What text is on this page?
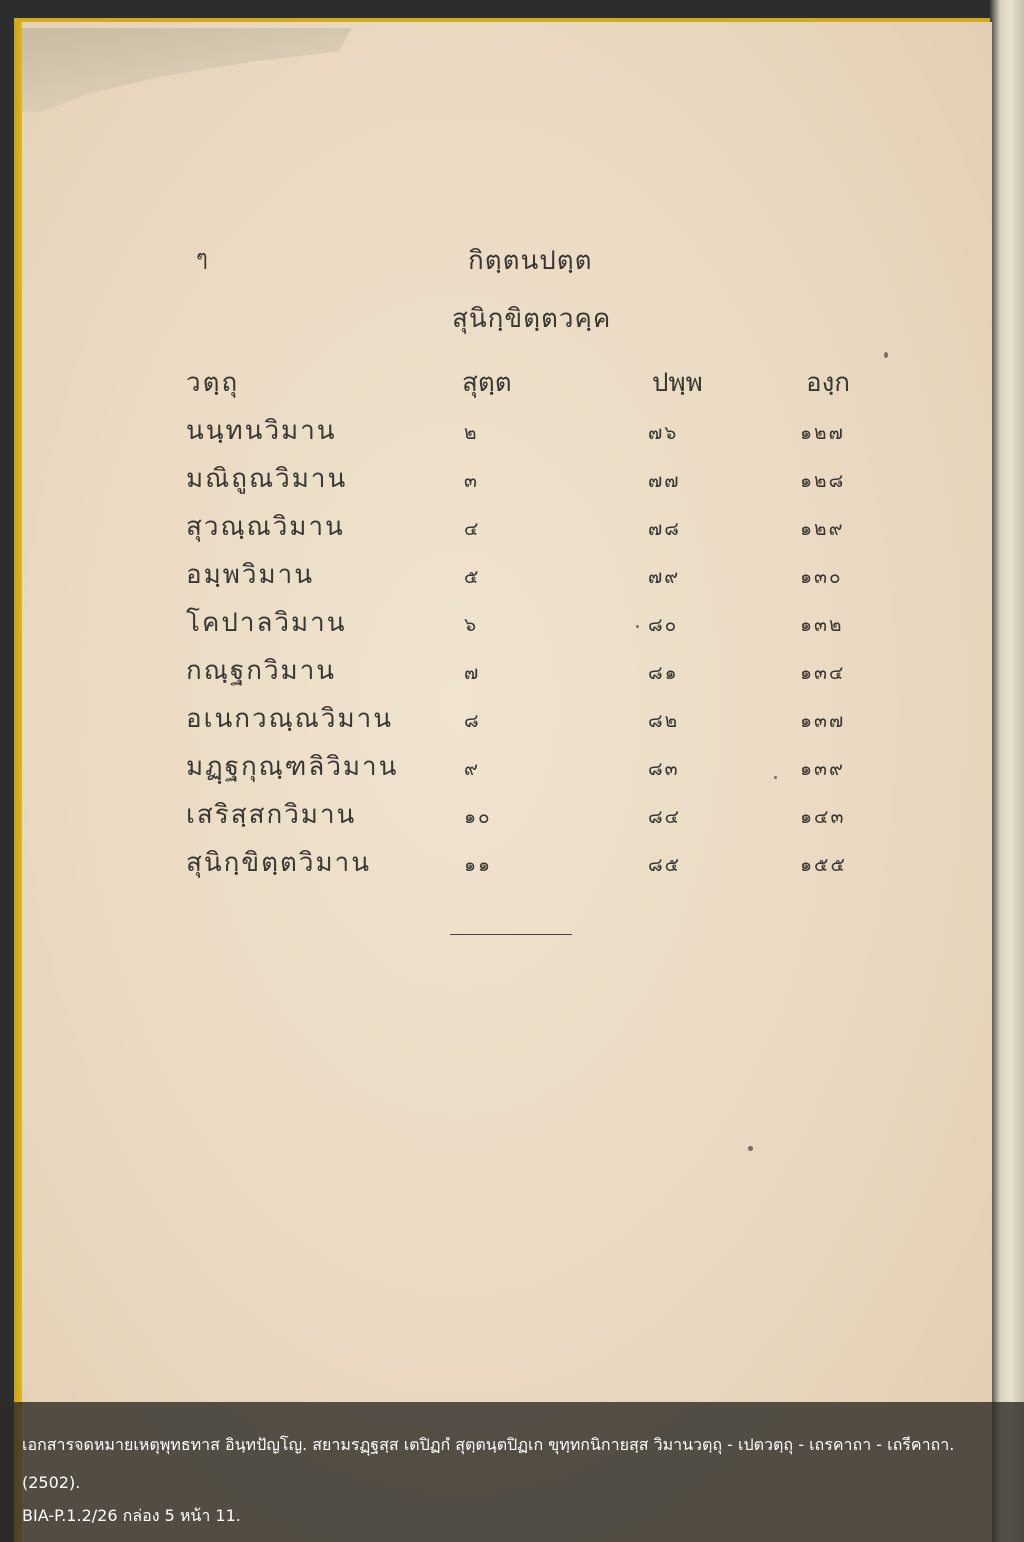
ๆ	กิตฺตนปตฺต
สุนิกฺขิตฺตวคฺค
วตฺถุ	สุตฺต	ปพฺพ	องฺก
นนฺทนวิมาน	๒	๗๖	๑๒๗
มณิถูณวิมาน	๓	๗๗	๑๒๘
สุวณฺณวิมาน	๔	๗๘	๑๒๙
อมฺพวิมาน	๕	๗๙	๑๓๐
โคปาลวิมาน	๖	๘๐	๑๓๒
กณฺฐกวิมาน	๗	๘๑	๑๓๔
อเนกวณฺณวิมาน	๘	๘๒	๑๓๗
มฏฺฐกุณฺฑลิวิมาน	๙	๘๓	๑๓๙
เสริสฺสกวิมาน	๑๐	๘๔	๑๔๓
สุนิกฺขิตฺตวิมาน	๑๑	๘๕	๑๕๕
เอกสารจดหมายเหตุพุทธทาส อินฺทปัญโญ. สยามรฏฺฐสฺส เตปิฏกํ สุตฺตนฺตปิฏเก ขุทฺทกนิกายสฺส วิมานวตฺถุ - เปตวตฺถุ - เถรคาถา - เถรีคาถา. (2502).
BIA-P.1.2/26 กล่อง 5 หน้า 11.
